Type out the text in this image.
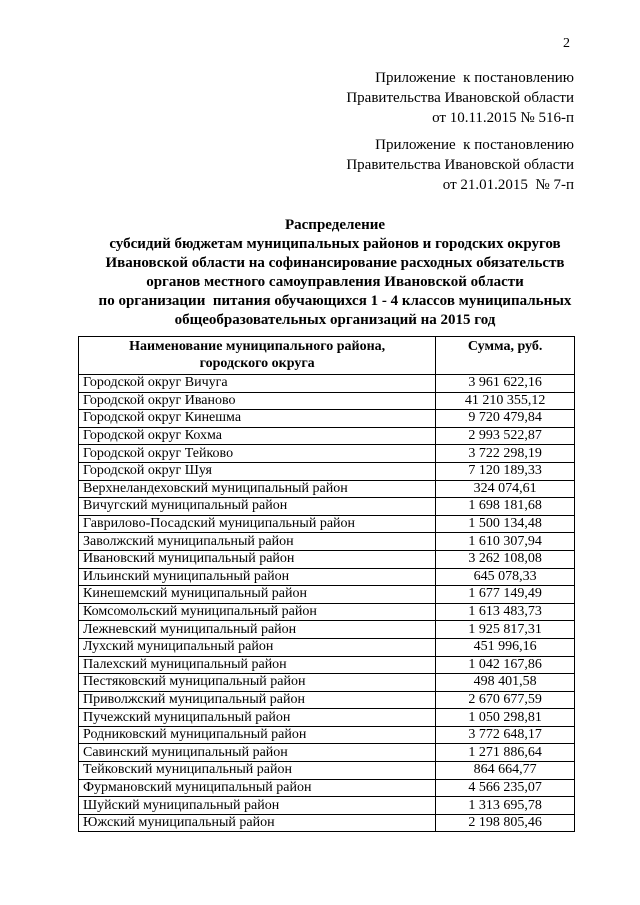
2
Приложение  к постановлению
Правительства Ивановской области
от 10.11.2015 № 516-п
Приложение  к постановлению
Правительства Ивановской области
от 21.01.2015  № 7-п
Распределение
субсидий бюджетам муниципальных районов и городских округов
Ивановской области на софинансирование расходных обязательств
органов местного самоуправления Ивановской области
по организации  питания обучающихся 1 - 4 классов муниципальных
общеобразовательных организаций на 2015 год
Наименование муниципального района,
городского округа	Сумма, руб.
Городской округ Вичуга	3 961 622,16
Городской округ Иваново	41 210 355,12
Городской округ Кинешма	9 720 479,84
Городской округ Кохма	2 993 522,87
Городской округ Тейково	3 722 298,19
Городской округ Шуя	7 120 189,33
Верхнеландеховский муниципальный район	324 074,61
Вичугский муниципальный район	1 698 181,68
Гаврилово-Посадский муниципальный район	1 500 134,48
Заволжский муниципальный район	1 610 307,94
Ивановский муниципальный район	3 262 108,08
Ильинский муниципальный район	645 078,33
Кинешемский муниципальный район	1 677 149,49
Комсомольский муниципальный район	1 613 483,73
Лежневский муниципальный район	1 925 817,31
Лухский муниципальный район	451 996,16
Палехский муниципальный район	1 042 167,86
Пестяковский муниципальный район	498 401,58
Приволжский муниципальный район	2 670 677,59
Пучежский муниципальный район	1 050 298,81
Родниковский муниципальный район	3 772 648,17
Савинский муниципальный район	1 271 886,64
Тейковский муниципальный район	864 664,77
Фурмановский муниципальный район	4 566 235,07
Шуйский муниципальный район	1 313 695,78
Южский муниципальный район	2 198 805,46
